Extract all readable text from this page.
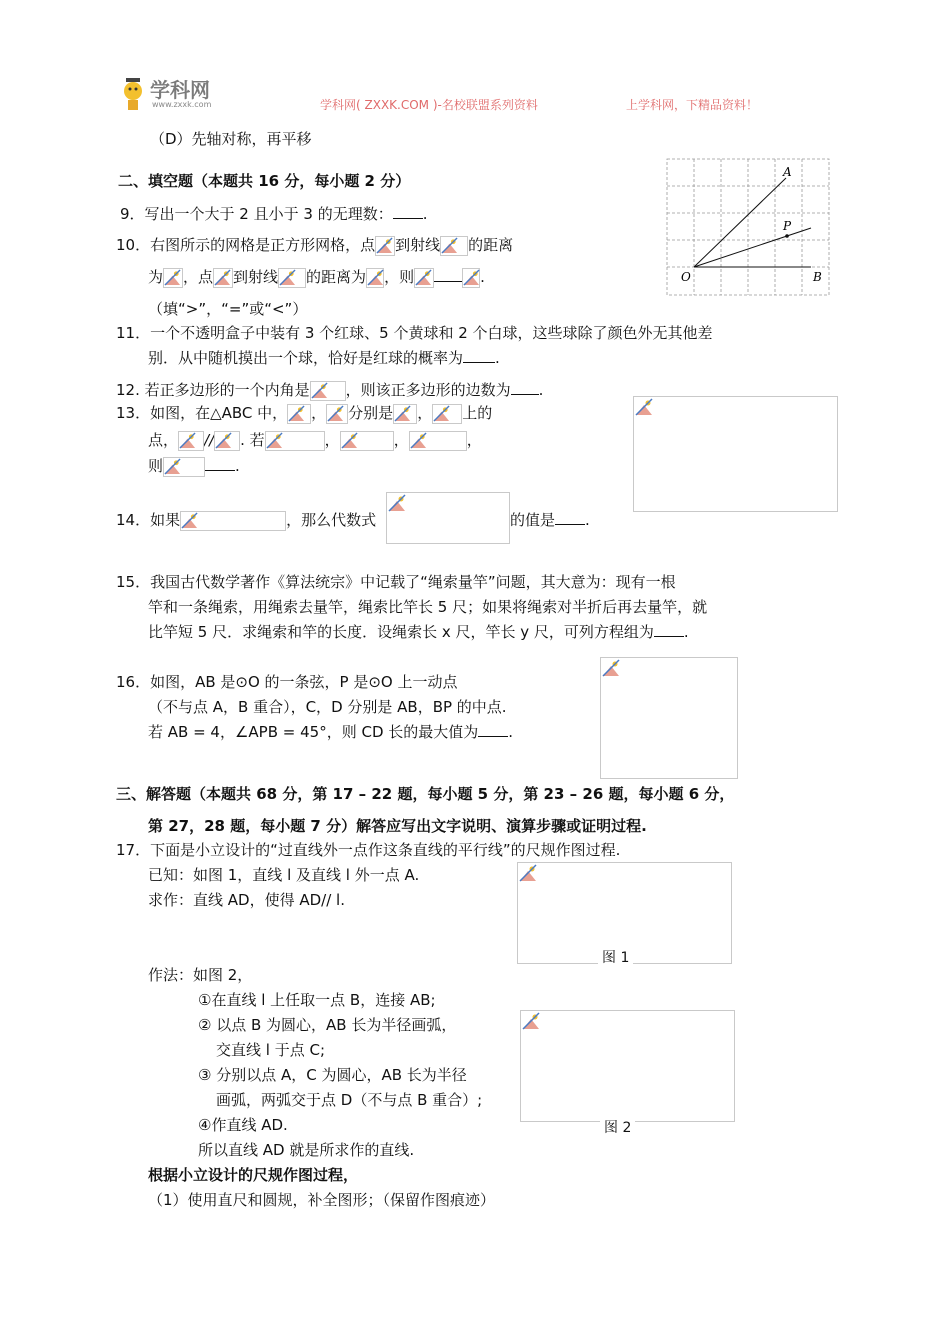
学科网
www.zxxk.com	学科网( ZXXK.COM )-名校联盟系列资料	上学科网，下精品资料！
（D）先轴对称，再平移
二、填空题（本题共 16 分，每小题 2 分）
9．写出一个大于 2 且小于 3 的无理数： .
10．右图所示的网格是正方形网格，点 到射线 的距离
为 ，点 到射线 的距离为 ，则	.
（填“>”，“=”或“<”）
A
P
O	B
11．一个不透明盒子中装有 3 个红球、5 个黄球和 2 个白球，这些球除了颜色外无其他差
别．从中随机摸出一个球，恰好是红球的概率为 .
12. 若正多边形的一个内角是 ，则该正多边形的边数为 .
13．如图，在△ABC 中， ， 分别是 ， 上的
点， // . 若	，	，	，
则	.
14．如果	，那么代数式	的值是 .
15．我国古代数学著作《算法统宗》中记载了“绳索量竿”问题，其大意为：现有一根
竿和一条绳索，用绳索去量竿，绳索比竿长 5 尺；如果将绳索对半折后再去量竿，就
比竿短 5 尺．求绳索和竿的长度．设绳索长 x 尺，竿长 y 尺，可列方程组为 .
16．如图，AB 是⊙O 的一条弦，P 是⊙O 上一动点
（不与点 A，B 重合），C，D 分别是 AB，BP 的中点.
若 AB = 4，∠APB = 45°，则 CD 长的最大值为 .
三、解答题（本题共 68 分，第 17 – 22 题，每小题 5 分，第 23 – 26 题，每小题 6 分，
第 27，28 题，每小题 7 分）解答应写出文字说明、演算步骤或证明过程.
17．下面是小立设计的“过直线外一点作这条直线的平行线”的尺规作图过程.
已知：如图 1，直线 l 及直线 l 外一点 A.
求作：直线 AD，使得 AD// l.
图 1
作法：如图 2，
①在直线 l 上任取一点 B，连接 AB;
② 以点 B 为圆心，AB 长为半径画弧，
交直线 l 于点 C;
③ 分别以点 A，C 为圆心，AB 长为半径
画弧，两弧交于点 D（不与点 B 重合）;
④作直线 AD.
所以直线 AD 就是所求作的直线.
图 2
根据小立设计的尺规作图过程，
（1）使用直尺和圆规，补全图形；（保留作图痕迹）
